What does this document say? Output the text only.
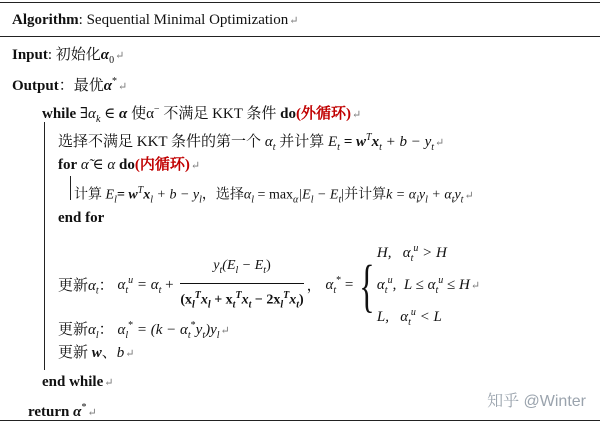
Algorithm: Sequential Minimal Optimization↵
Input: 初始化$\alpha_0↵$
Output：最优α*↵
while $\exists\alpha_k$ ∈ α 使α− 不满足 KKT 条件 do(外循环)↵
选择不满足 KKT 条件的第一个 $\alpha_t$ 并计算 $E_t = w^Tx_t + b$ − $y_t↵$
for α̃ ∈ α do(内循环)↵
计算 $E_l= w^Tx_l + b - y_l$，选择$\alpha_l = \max_\alpha|E_l - E_t|$并计算$k = \alpha_ly_l$ + $\alpha_ty_t↵$
end for
更新$\alpha_t$： $\alpha_t^u = \alpha_t + \frac{y_t(E_l - E_t)}{(x_l^Tx_l + x_t^Tx_t - 2x_l^Tx_t)}$ ， $\alpha_t^*$ = { H, $\alpha_t^u > H$
$\alpha_t^u$, $L \le \alpha_t^u$ ≤ H↵
L, $\alpha_t^u < L$
更新$\alpha_l$： $\alpha_l^* = (k$ − $\alpha_t^*y_t)y_l↵$
更新 w、b↵
end while↵
return α*↵
知乎 @Winter
